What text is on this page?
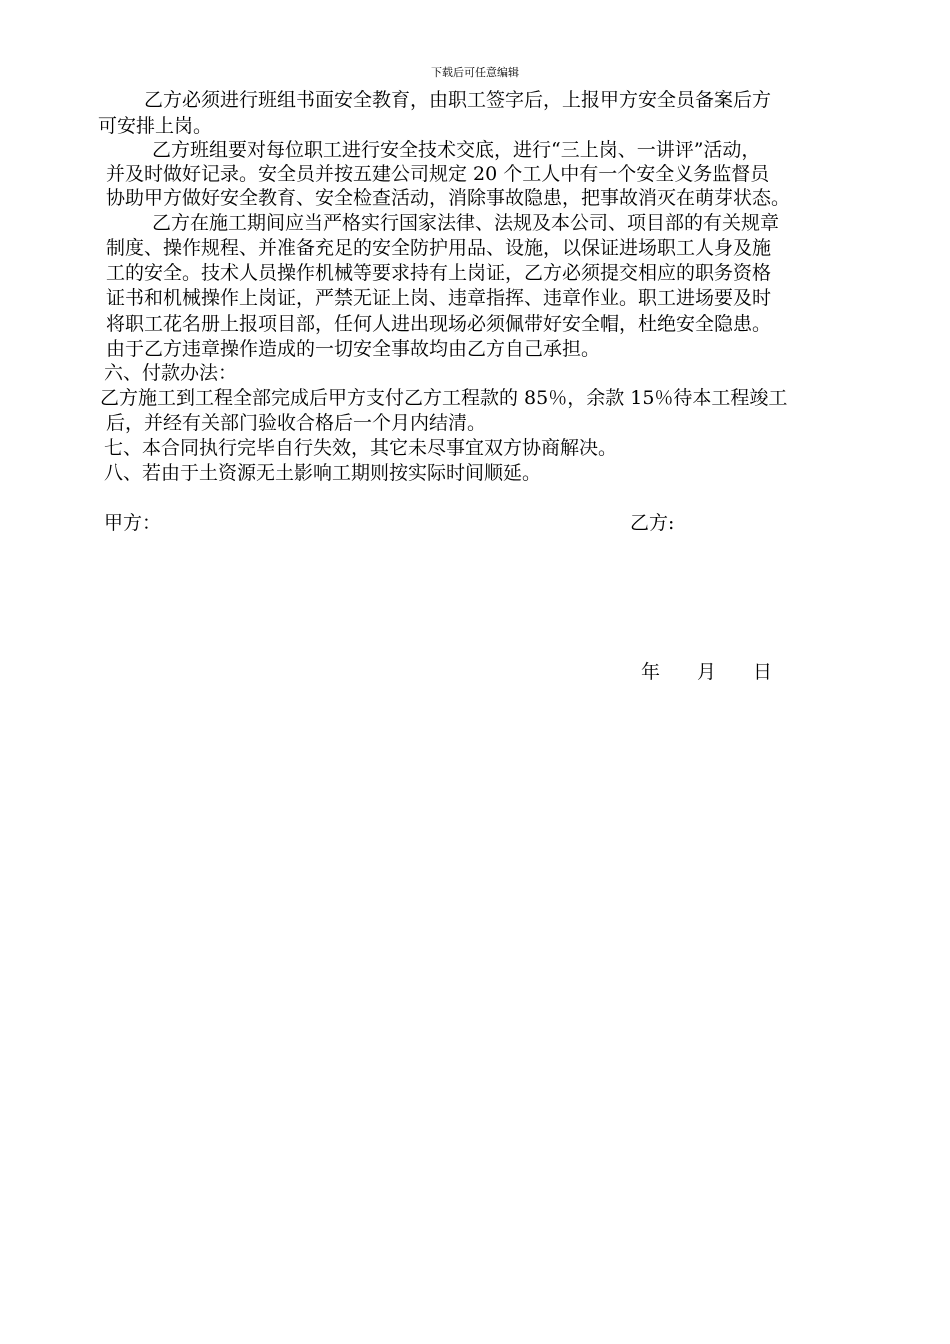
下载后可任意编辑
乙方必须进行班组书面安全教育，由职工签字后，上报甲方安全员备案后方
可安排上岗。
乙方班组要对每位职工进行安全技术交底，进行“三上岗、一讲评”活动，
并及时做好记录。安全员并按五建公司规定 20 个工人中有一个安全义务监督员
协助甲方做好安全教育、安全检查活动，消除事故隐患，把事故消灭在萌芽状态。
乙方在施工期间应当严格实行国家法律、法规及本公司、项目部的有关规章
制度、操作规程、并准备充足的安全防护用品、设施，以保证进场职工人身及施
工的安全。技术人员操作机械等要求持有上岗证，乙方必须提交相应的职务资格
证书和机械操作上岗证，严禁无证上岗、违章指挥、违章作业。职工进场要及时
将职工花名册上报项目部，任何人进出现场必须佩带好安全帽，杜绝安全隐患。
由于乙方违章操作造成的一切安全事故均由乙方自己承担。
六、付款办法：
乙方施工到工程全部完成后甲方支付乙方工程款的 85％，余款 15％待本工程竣工
后，并经有关部门验收合格后一个月内结清。
七、本合同执行完毕自行失效，其它未尽事宜双方协商解决。
八、若由于土资源无土影响工期则按实际时间顺延。
甲方：	乙方:
年 月 日
